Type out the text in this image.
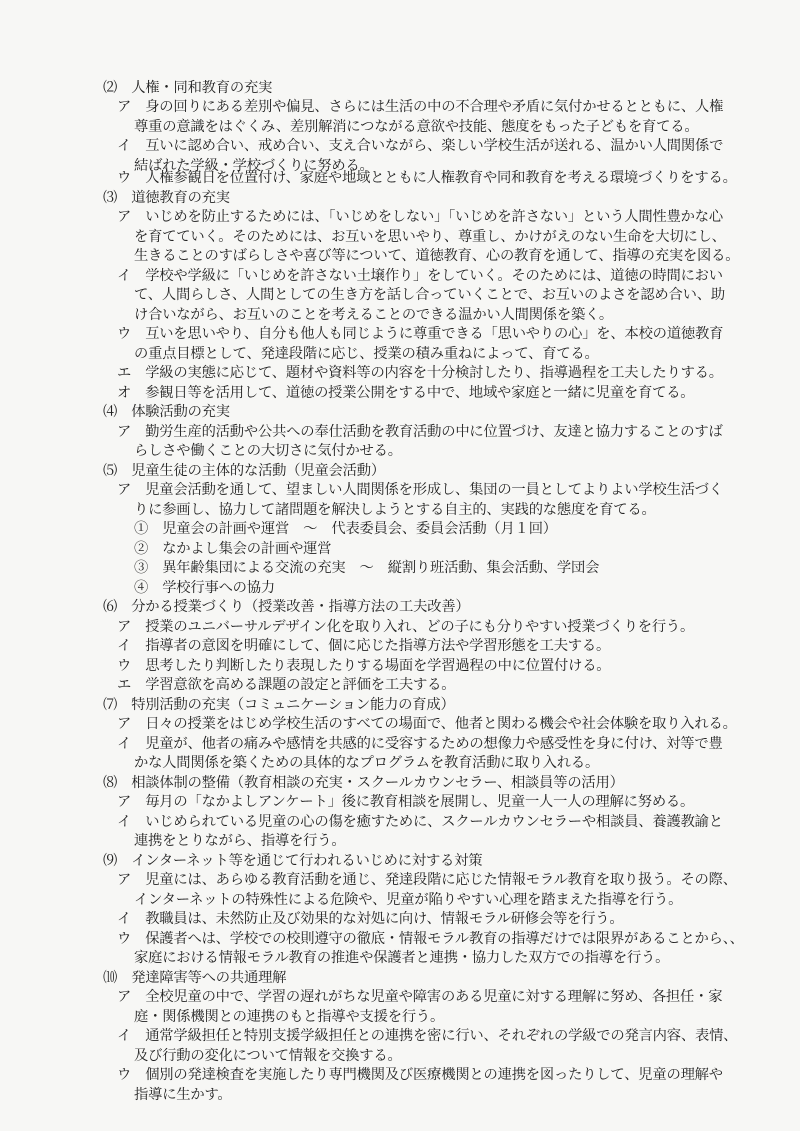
⑵　人権・同和教育の充実
ア　身の回りにある差別や偏見、さらには生活の中の不合理や矛盾に気付かせるとともに、人権
尊重の意識をはぐくみ、差別解消につながる意欲や技能、態度をもった子どもを育てる。
イ　互いに認め合い、戒め合い、支え合いながら、楽しい学校生活が送れる、温かい人間関係で
結ばれた学級・学校づくりに努める。
ウ　人権参観日を位置付け、家庭や地域とともに人権教育や同和教育を考える環境づくりをする。
⑶　道徳教育の充実
ア　いじめを防止するためには、「いじめをしない」「いじめを許さない」という人間性豊かな心
を育てていく。そのためには、お互いを思いやり、尊重し、かけがえのない生命を大切にし、
生きることのすばらしさや喜び等について、道徳教育、心の教育を通して、指導の充実を図る。
イ　学校や学級に「いじめを許さない土壌作り」をしていく。そのためには、道徳の時間におい
て、人間らしさ、人間としての生き方を話し合っていくことで、お互いのよさを認め合い、助
け合いながら、お互いのことを考えることのできる温かい人間関係を築く。
ウ　互いを思いやり、自分も他人も同じように尊重できる「思いやりの心」を、本校の道徳教育
の重点目標として、発達段階に応じ、授業の積み重ねによって、育てる。
エ　学級の実態に応じて、題材や資料等の内容を十分検討したり、指導過程を工夫したりする。
オ　参観日等を活用して、道徳の授業公開をする中で、地域や家庭と一緒に児童を育てる。
⑷　体験活動の充実
ア　勤労生産的活動や公共への奉仕活動を教育活動の中に位置づけ、友達と協力することのすば
らしさや働くことの大切さに気付かせる。
⑸　児童生徒の主体的な活動（児童会活動）
ア　児童会活動を通して、望ましい人間関係を形成し、集団の一員としてよりよい学校生活づく
りに参画し、協力して諸問題を解決しようとする自主的、実践的な態度を育てる。
①　児童会の計画や運営　～　代表委員会、委員会活動（月１回）
②　なかよし集会の計画や運営
③　異年齢集団による交流の充実　～　縦割り班活動、集会活動、学団会
④　学校行事への協力
⑹　分かる授業づくり（授業改善・指導方法の工夫改善）
ア　授業のユニバーサルデザイン化を取り入れ、どの子にも分りやすい授業づくりを行う。
イ　指導者の意図を明確にして、個に応じた指導方法や学習形態を工夫する。
ウ　思考したり判断したり表現したりする場面を学習過程の中に位置付ける。
エ　学習意欲を高める課題の設定と評価を工夫する。
⑺　特別活動の充実（コミュニケーション能力の育成）
ア　日々の授業をはじめ学校生活のすべての場面で、他者と関わる機会や社会体験を取り入れる。
イ　児童が、他者の痛みや感情を共感的に受容するための想像力や感受性を身に付け、対等で豊
かな人間関係を築くための具体的なプログラムを教育活動に取り入れる。
⑻　相談体制の整備（教育相談の充実・スクールカウンセラー、相談員等の活用）
ア　毎月の「なかよしアンケート」後に教育相談を展開し、児童一人一人の理解に努める。
イ　いじめられている児童の心の傷を癒すために、スクールカウンセラーや相談員、養護教諭と
連携をとりながら、指導を行う。
⑼　インターネット等を通じて行われるいじめに対する対策
ア　児童には、あらゆる教育活動を通じ、発達段階に応じた情報モラル教育を取り扱う。その際、
インターネットの特殊性による危険や、児童が陥りやすい心理を踏まえた指導を行う。
イ　教職員は、未然防止及び効果的な対処に向け、情報モラル研修会等を行う。
ウ　保護者へは、学校での校則遵守の徹底・情報モラル教育の指導だけでは限界があることから、、
家庭における情報モラル教育の推進や保護者と連携・協力した双方での指導を行う。
⑽　発達障害等への共通理解
ア　全校児童の中で、学習の遅れがちな児童や障害のある児童に対する理解に努め、各担任・家
庭・関係機関との連携のもと指導や支援を行う。
イ　通常学級担任と特別支援学級担任との連携を密に行い、それぞれの学級での発言内容、表情、
及び行動の変化について情報を交換する。
ウ　個別の発達検査を実施したり専門機関及び医療機関との連携を図ったりして、児童の理解や
指導に生かす。
